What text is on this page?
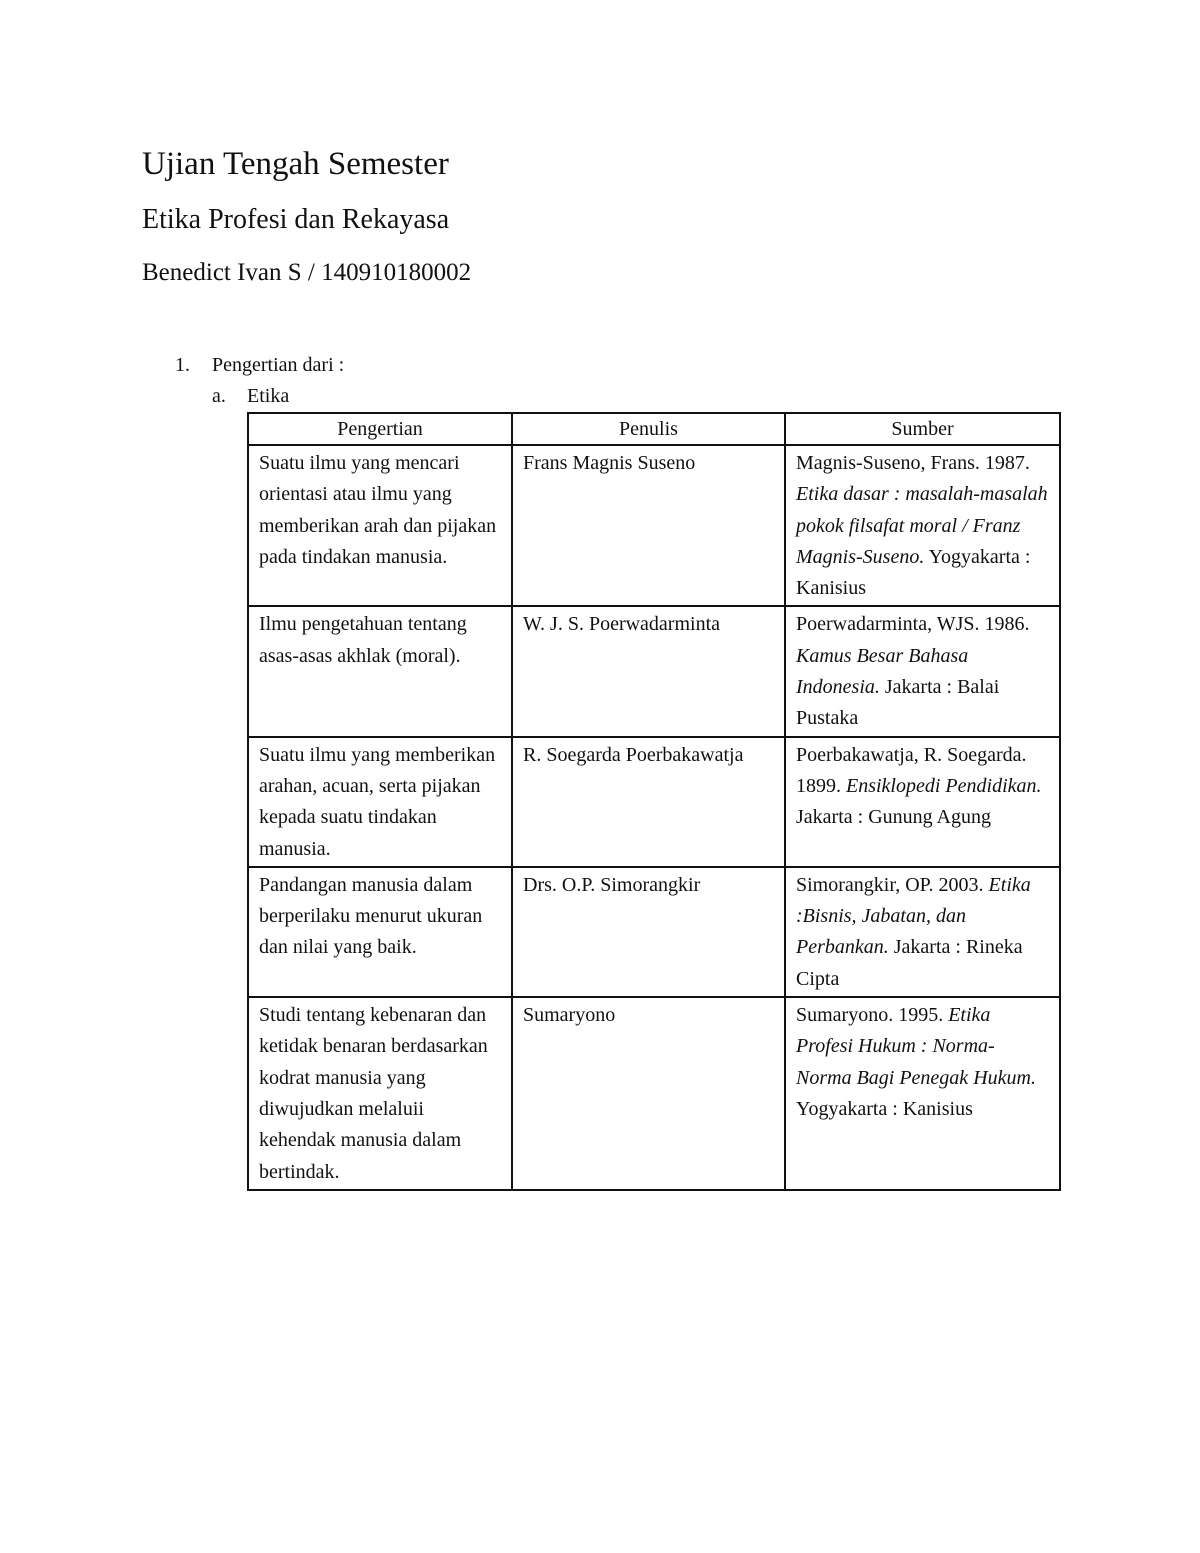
Ujian Tengah Semester
Etika Profesi dan Rekayasa
Benedict Ivan S / 140910180002
1. Pengertian dari :
a. Etika
Pengertian	Penulis	Sumber
Suatu ilmu yang mencari orientasi atau ilmu yang memberikan arah dan pijakan pada tindakan manusia.	Frans Magnis Suseno	Magnis-Suseno, Frans. 1987. Etika dasar : masalah-masalah pokok filsafat moral / Franz Magnis-Suseno. Yogyakarta : Kanisius
Ilmu pengetahuan tentang asas-asas akhlak (moral).	W. J. S. Poerwadarminta	Poerwadarminta, WJS. 1986. Kamus Besar Bahasa Indonesia. Jakarta : Balai Pustaka
Suatu ilmu yang memberikan arahan, acuan, serta pijakan kepada suatu tindakan manusia.	R. Soegarda Poerbakawatja	Poerbakawatja, R. Soegarda. 1899. Ensiklopedi Pendidikan. Jakarta : Gunung Agung
Pandangan manusia dalam berperilaku menurut ukuran dan nilai yang baik.	Drs. O.P. Simorangkir	Simorangkir, OP. 2003. Etika :Bisnis, Jabatan, dan Perbankan. Jakarta : Rineka Cipta
Studi tentang kebenaran dan ketidak benaran berdasarkan kodrat manusia yang diwujudkan melaluii kehendak manusia dalam bertindak.	Sumaryono	Sumaryono. 1995. Etika Profesi Hukum : Norma-Norma Bagi Penegak Hukum. Yogyakarta : Kanisius
